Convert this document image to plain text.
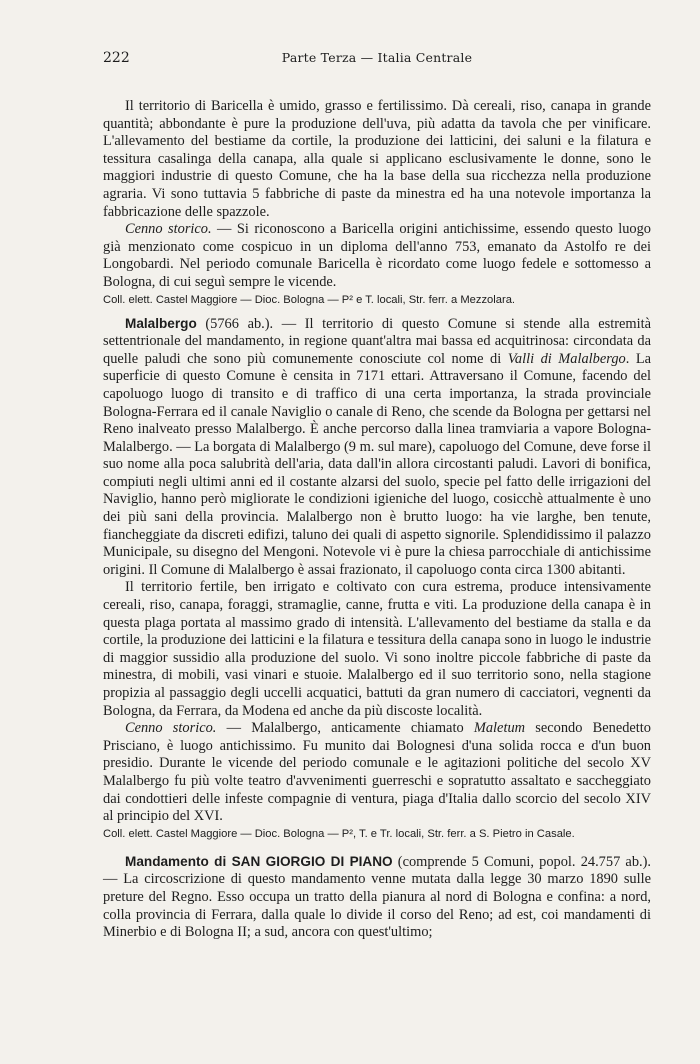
222	Parte Terza — Italia Centrale

Il territorio di Baricella è umido, grasso e fertilissimo. Dà cereali, riso, canapa in grande quantità; abbondante è pure la produzione dell'uva, più adatta da tavola che per vinificare. L'allevamento del bestiame da cortile, la produzione dei latticini, dei saluni e la filatura e tessitura casalinga della canapa, alla quale si applicano esclusivamente le donne, sono le maggiori industrie di questo Comune, che ha la base della sua ricchezza nella produzione agraria. Vi sono tuttavia 5 fabbriche di paste da minestra ed ha una notevole importanza la fabbricazione delle spazzole.

Cenno storico. — Si riconoscono a Baricella origini antichissime, essendo questo luogo già menzionato come cospicuo in un diploma dell'anno 753, emanato da Astolfo re dei Longobardi. Nel periodo comunale Baricella è ricordato come luogo fedele e sottomesso a Bologna, di cui seguì sempre le vicende.

Coll. elett. Castel Maggiore — Dioc. Bologna — P² e T. locali, Str. ferr. a Mezzolara.

Malalbergo (5766 ab.). — Il territorio di questo Comune si stende alla estremità settentrionale del mandamento, in regione quant'altra mai bassa ed acquitrinosa: circondata da quelle paludi che sono più comunemente conosciute col nome di Valli di Malalbergo. La superficie di questo Comune è censita in 7171 ettari. Attraversano il Comune, facendo del capoluogo luogo di transito e di traffico di una certa importanza, la strada provinciale Bologna-Ferrara ed il canale Naviglio o canale di Reno, che scende da Bologna per gettarsi nel Reno inalveato presso Malalbergo. È anche percorso dalla linea tramviaria a vapore Bologna-Malalbergo. — La borgata di Malalbergo (9 m. sul mare), capoluogo del Comune, deve forse il suo nome alla poca salubrità dell'aria, data dall'in allora circostanti paludi. Lavori di bonifica, compiuti negli ultimi anni ed il costante alzarsi del suolo, specie pel fatto delle irrigazioni del Naviglio, hanno però migliorate le condizioni igieniche del luogo, cosicchè attualmente è uno dei più sani della provincia. Malalbergo non è brutto luogo: ha vie larghe, ben tenute, fiancheggiate da discreti edifizi, taluno dei quali di aspetto signorile. Splendidissimo il palazzo Municipale, su disegno del Mengoni. Notevole vi è pure la chiesa parrocchiale di antichissime origini. Il Comune di Malalbergo è assai frazionato, il capoluogo conta circa 1300 abitanti.

Il territorio fertile, ben irrigato e coltivato con cura estrema, produce intensivamente cereali, riso, canapa, foraggi, stramaglie, canne, frutta e viti. La produzione della canapa è in questa plaga portata al massimo grado di intensità. L'allevamento del bestiame da stalla e da cortile, la produzione dei latticini e la filatura e tessitura della canapa sono in luogo le industrie di maggior sussidio alla produzione del suolo. Vi sono inoltre piccole fabbriche di paste da minestra, di mobili, vasi vinari e stuoie. Malalbergo ed il suo territorio sono, nella stagione propizia al passaggio degli uccelli acquatici, battuti da gran numero di cacciatori, vegnenti da Bologna, da Ferrara, da Modena ed anche da più discoste località.

Cenno storico. — Malalbergo, anticamente chiamato Maletum secondo Benedetto Prisciano, è luogo antichissimo. Fu munito dai Bolognesi d'una solida rocca e d'un buon presidio. Durante le vicende del periodo comunale e le agitazioni politiche del secolo XV Malalbergo fu più volte teatro d'avvenimenti guerreschi e sopratutto assaltato e saccheggiato dai condottieri delle infeste compagnie di ventura, piaga d'Italia dallo scorcio del secolo XIV al principio del XVI.

Coll. elett. Castel Maggiore — Dioc. Bologna — P², T. e Tr. locali, Str. ferr. a S. Pietro in Casale.

Mandamento di SAN GIORGIO DI PIANO (comprende 5 Comuni, popol. 24.757 ab.). — La circoscrizione di questo mandamento venne mutata dalla legge 30 marzo 1890 sulle preture del Regno. Esso occupa un tratto della pianura al nord di Bologna e confina: a nord, colla provincia di Ferrara, dalla quale lo divide il corso del Reno; ad est, coi mandamenti di Minerbio e di Bologna II; a sud, ancora con quest'ultimo;
